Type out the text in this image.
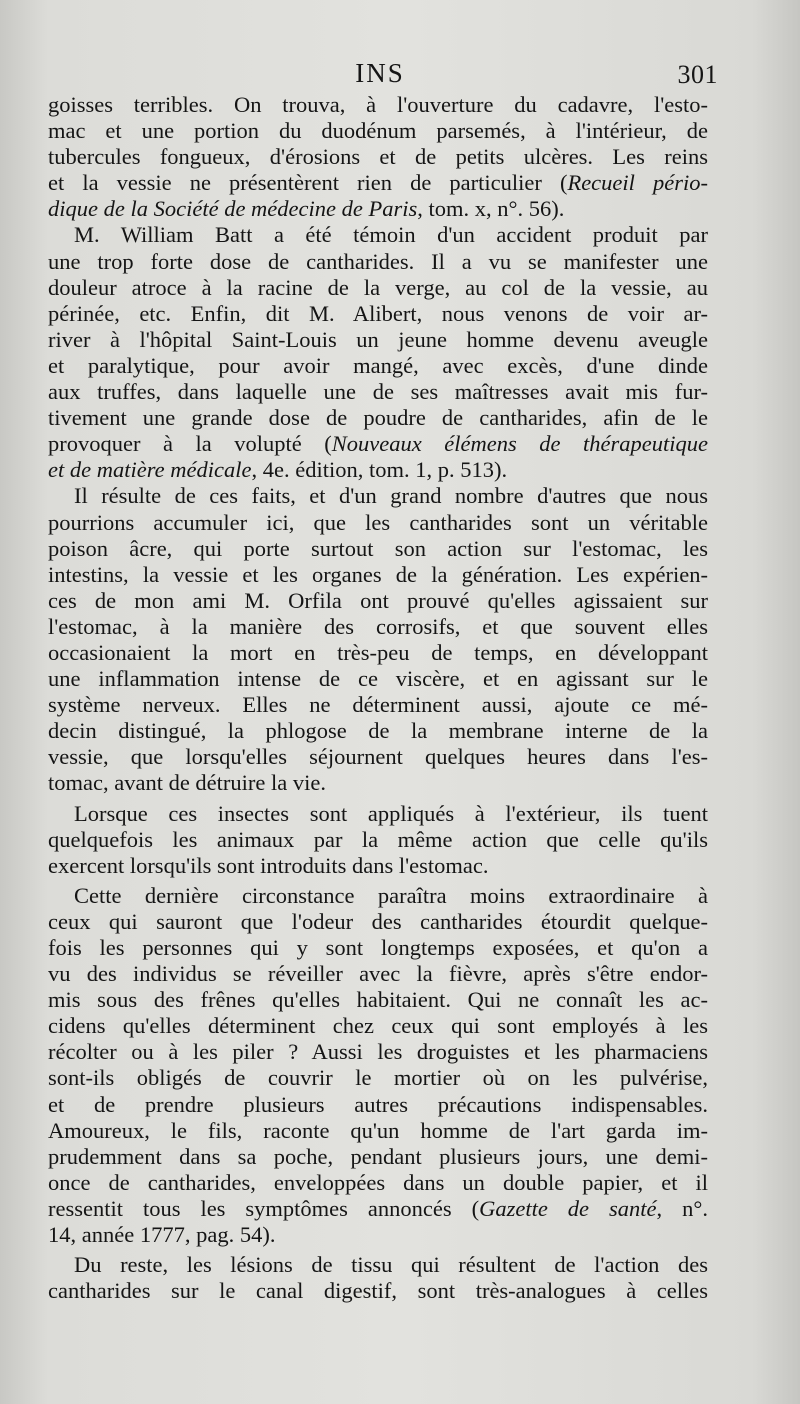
INS	301
goisses terribles. On trouva, à l'ouverture du cadavre, l'esto-
mac et une portion du duodénum parsemés, à l'intérieur, de
tubercules fongueux, d'érosions et de petits ulcères. Les reins
et la vessie ne présentèrent rien de particulier (Recueil pério-
dique de la Société de médecine de Paris, tom. x, n°. 56).
M. William Batt a été témoin d'un accident produit par
une trop forte dose de cantharides. Il a vu se manifester une
douleur atroce à la racine de la verge, au col de la vessie, au
périnée, etc. Enfin, dit M. Alibert, nous venons de voir ar-
river à l'hôpital Saint-Louis un jeune homme devenu aveugle
et paralytique, pour avoir mangé, avec excès, d'une dinde
aux truffes, dans laquelle une de ses maîtresses avait mis fur-
tivement une grande dose de poudre de cantharides, afin de le
provoquer à la volupté (Nouveaux élémens de thérapeutique
et de matière médicale, 4e. édition, tom. 1, p. 513).
Il résulte de ces faits, et d'un grand nombre d'autres que nous
pourrions accumuler ici, que les cantharides sont un véritable
poison âcre, qui porte surtout son action sur l'estomac, les
intestins, la vessie et les organes de la génération. Les expérien-
ces de mon ami M. Orfila ont prouvé qu'elles agissaient sur
l'estomac, à la manière des corrosifs, et que souvent elles
occasionaient la mort en très-peu de temps, en développant
une inflammation intense de ce viscère, et en agissant sur le
système nerveux. Elles ne déterminent aussi, ajoute ce mé-
decin distingué, la phlogose de la membrane interne de la
vessie, que lorsqu'elles séjournent quelques heures dans l'es-
tomac, avant de détruire la vie.
Lorsque ces insectes sont appliqués à l'extérieur, ils tuent
quelquefois les animaux par la même action que celle qu'ils
exercent lorsqu'ils sont introduits dans l'estomac.
Cette dernière circonstance paraîtra moins extraordinaire à
ceux qui sauront que l'odeur des cantharides étourdit quelque-
fois les personnes qui y sont longtemps exposées, et qu'on a
vu des individus se réveiller avec la fièvre, après s'être endor-
mis sous des frênes qu'elles habitaient. Qui ne connaît les ac-
cidens qu'elles déterminent chez ceux qui sont employés à les
récolter ou à les piler ? Aussi les droguistes et les pharmaciens
sont-ils obligés de couvrir le mortier où on les pulvérise,
et de prendre plusieurs autres précautions indispensables.
Amoureux, le fils, raconte qu'un homme de l'art garda im-
prudemment dans sa poche, pendant plusieurs jours, une demi-
once de cantharides, enveloppées dans un double papier, et il
ressentit tous les symptômes annoncés (Gazette de santé, n°.
14, année 1777, pag. 54).
Du reste, les lésions de tissu qui résultent de l'action des
cantharides sur le canal digestif, sont très-analogues à celles
